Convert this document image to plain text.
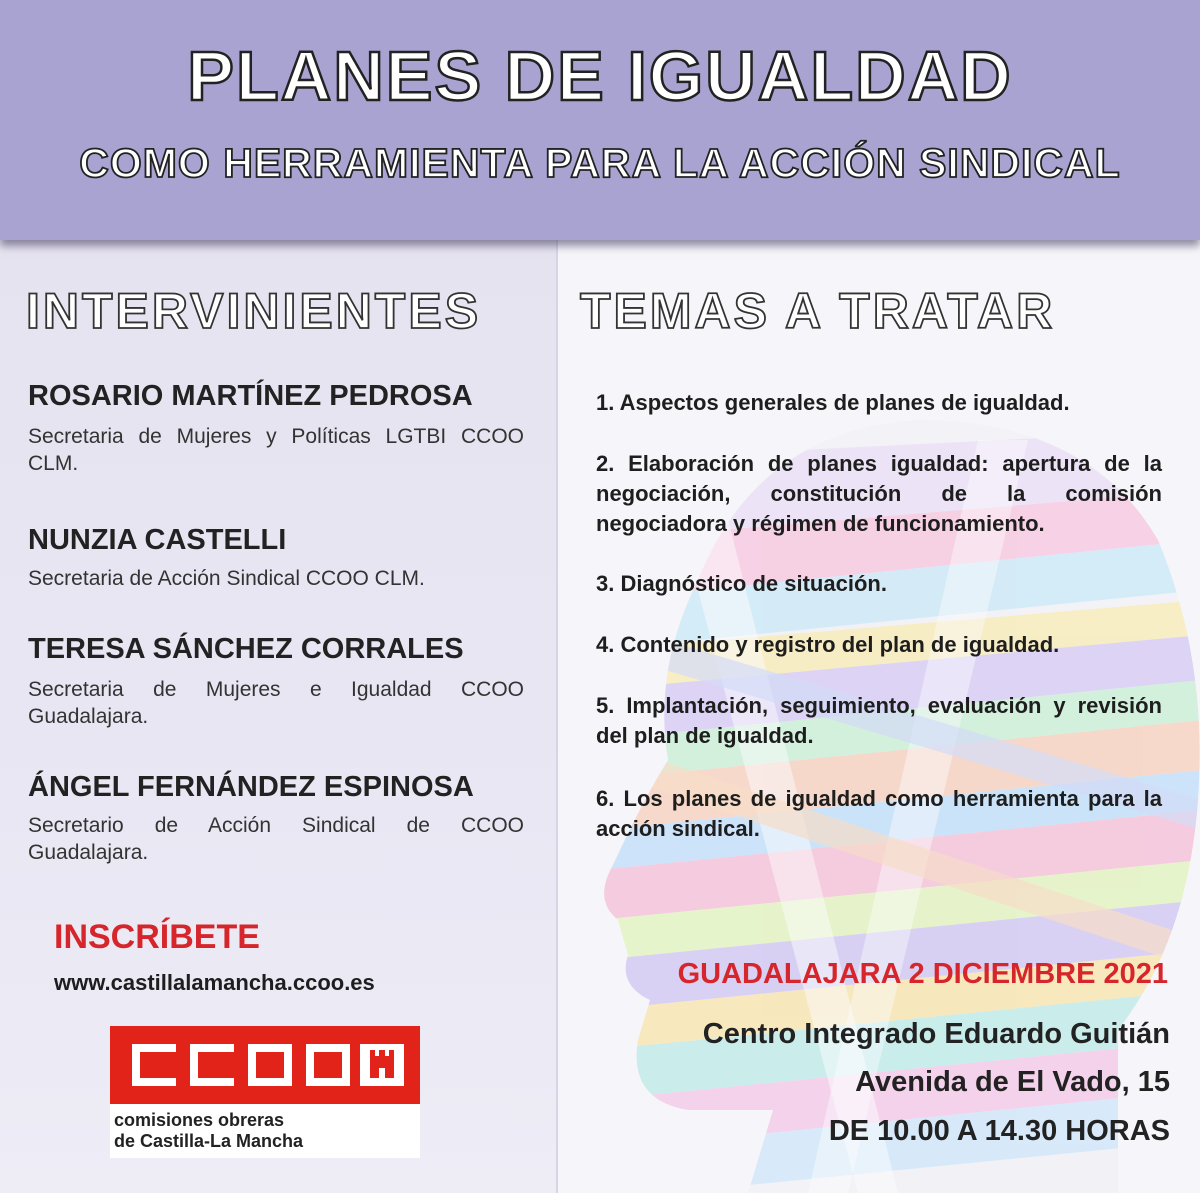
PLANES DE IGUALDAD
COMO HERRAMIENTA PARA LA ACCIÓN SINDICAL
INTERVINIENTES
ROSARIO MARTÍNEZ PEDROSA
Secretaria de Mujeres y Políticas LGTBI CCOO CLM.
NUNZIA CASTELLI
Secretaria de Acción Sindical CCOO CLM.
TERESA SÁNCHEZ CORRALES
Secretaria de Mujeres e Igualdad CCOO Guadalajara.
ÁNGEL FERNÁNDEZ ESPINOSA
Secretario de Acción Sindical de CCOO Guadalajara.
TEMAS A TRATAR
1. Aspectos generales de planes de igualdad.
2. Elaboración de planes igualdad: apertura de la negociación, constitución de la comisión negociadora y régimen de funcionamiento.
3. Diagnóstico de situación.
4. Contenido y registro del plan de igualdad.
5. Implantación, seguimiento, evaluación y revisión del plan de igualdad.
6. Los planes de igualdad como herramienta para la acción sindical.
INSCRÍBETE
www.castillalamancha.ccoo.es
comisiones obreras
de Castilla-La Mancha
GUADALAJARA 2 DICIEMBRE 2021
Centro Integrado Eduardo Guitián
Avenida de El Vado, 15
DE 10.00 A 14.30 HORAS
